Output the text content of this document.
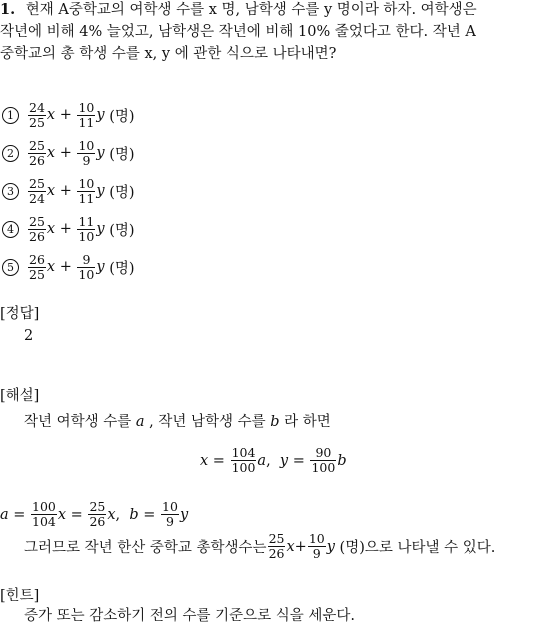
1. 현재 A중학교의 여학생 수를 x 명, 남학생 수를 y 명이라 하자. 여학생은
작년에 비해 4% 늘었고, 남학생은 작년에 비해 10% 줄었다고 한다. 작년 A
중학교의 총 학생 수를 x, y 에 관한 식으로 나타내면?
1	$\frac{24}{25}$ $x + \frac{10}{11}$ y
(명)
2	$\frac{25}{26}$ $x + \frac{10}{9}$ y
(명)
3	$\frac{25}{24}$ $x + \frac{10}{11}$ y
(명)
4	$\frac{25}{26}$ $x + \frac{11}{10}$ y
(명)
5	$\frac{26}{25}$ $x + \frac{9}{10}$ y
(명)
[정답]
2
[해설]
작년 여학생 수를 a , 작년 남학생 수를 b 라 하면
$x = \frac{104}{100}$ a , $y = \frac{90}{100}$ b
$a = \frac{100}{104}$ $x = \frac{25}{26}$ x , $b = \frac{10}{9}$ y
그러므로 작년 한산 중학교 총학생수는 $\frac{25}{26}$ $x + \frac{10}{9}$ y
(명)으로 나타낼 수 있다.
[힌트]
증가 또는 감소하기 전의 수를 기준으로 식을 세운다.
